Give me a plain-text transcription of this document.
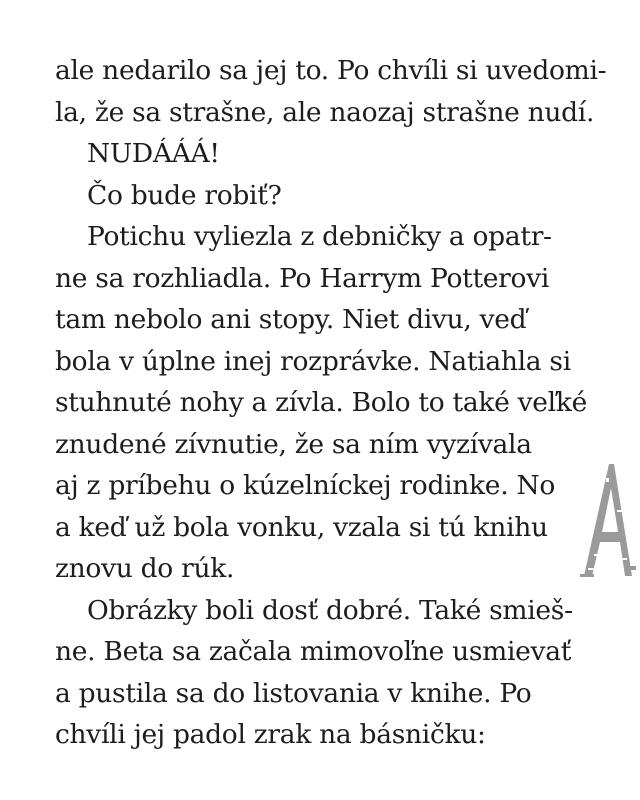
ale nedarilo sa jej to. Po chvíli si uvedomi-
la, že sa strašne, ale naozaj strašne nudí.
NUDÁÁÁ!
Čo bude robiť?
Potichu vyliezla z debničky a opatr-
ne sa rozhliadla. Po Harrym Potterovi
tam nebolo ani stopy. Niet divu, veď
bola v úplne inej rozprávke. Natiahla si
stuhnuté nohy a zívla. Bolo to také veľké
znudené zívnutie, že sa ním vyzívala
aj z príbehu o kúzelníckej rodinke. No
a keď už bola vonku, vzala si tú knihu
znovu do rúk.
Obrázky boli dosť dobré. Také smieš-
ne. Beta sa začala mimovoľne usmievať
a pustila sa do listovania v knihe. Po
chvíli jej padol zrak na básničku:
